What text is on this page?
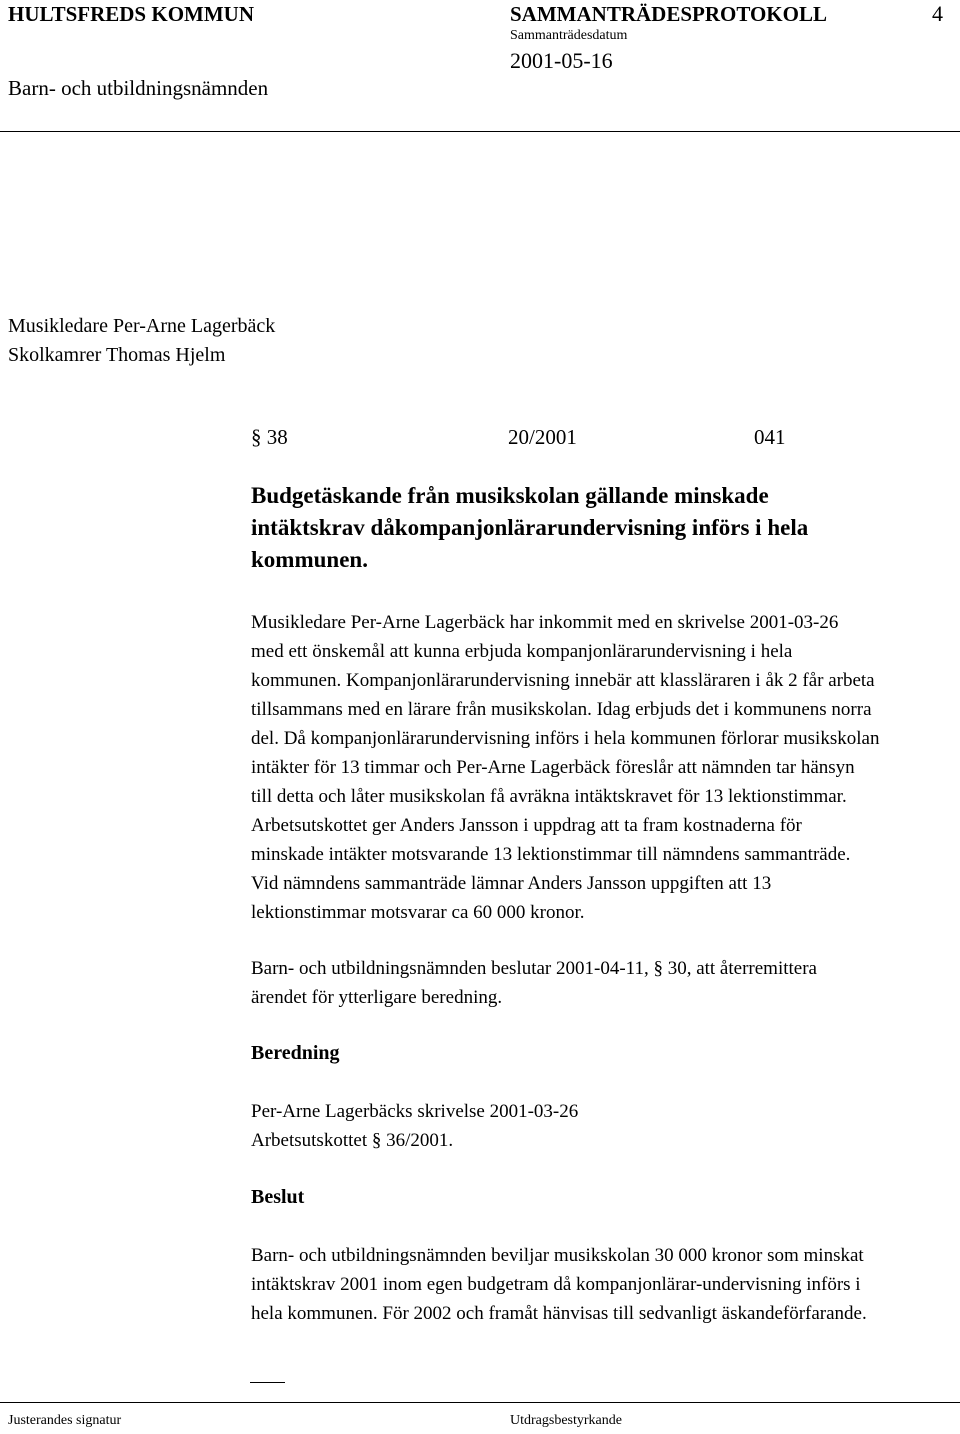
HULTSFREDS KOMMUN	SAMMANTRÄDESPROTOKOLL	4
Sammanträdesdatum
2001-05-16
Barn- och utbildningsnämnden
Musikledare Per-Arne Lagerbäck
Skolkamrer Thomas Hjelm
§ 38	20/2001	041
Budgetäskande från musikskolan gällande minskade
intäktskrav dåkompanjonlärarundervisning införs i hela
kommunen.
Musikledare Per-Arne Lagerbäck har inkommit med en skrivelse 2001-03-26
med ett önskemål att kunna erbjuda kompanjonlärarundervisning i hela
kommunen. Kompanjonlärarundervisning innebär att klassläraren i åk 2 får arbeta
tillsammans med en lärare från musikskolan. Idag erbjuds det i kommunens norra
del. Då kompanjonlärarundervisning införs i hela kommunen förlorar musikskolan
intäkter för 13 timmar och Per-Arne Lagerbäck föreslår att nämnden tar hänsyn
till detta och låter musikskolan få avräkna intäktskravet för 13 lektionstimmar.
Arbetsutskottet ger Anders Jansson i uppdrag att ta fram kostnaderna för
minskade intäkter motsvarande 13 lektionstimmar till nämndens sammanträde.
Vid nämndens sammanträde lämnar Anders Jansson uppgiften att 13
lektionstimmar motsvarar ca 60 000 kronor.
Barn- och utbildningsnämnden beslutar 2001-04-11, § 30, att återremittera
ärendet för ytterligare beredning.
Beredning
Per-Arne Lagerbäcks skrivelse 2001-03-26
Arbetsutskottet § 36/2001.
Beslut
Barn- och utbildningsnämnden beviljar musikskolan 30 000 kronor som minskat
intäktskrav 2001 inom egen budgetram då kompanjonlärar-undervisning införs i
hela kommunen. För 2002 och framåt hänvisas till sedvanligt äskandeförfarande.
Justerandes signatur	Utdragsbestyrkande
